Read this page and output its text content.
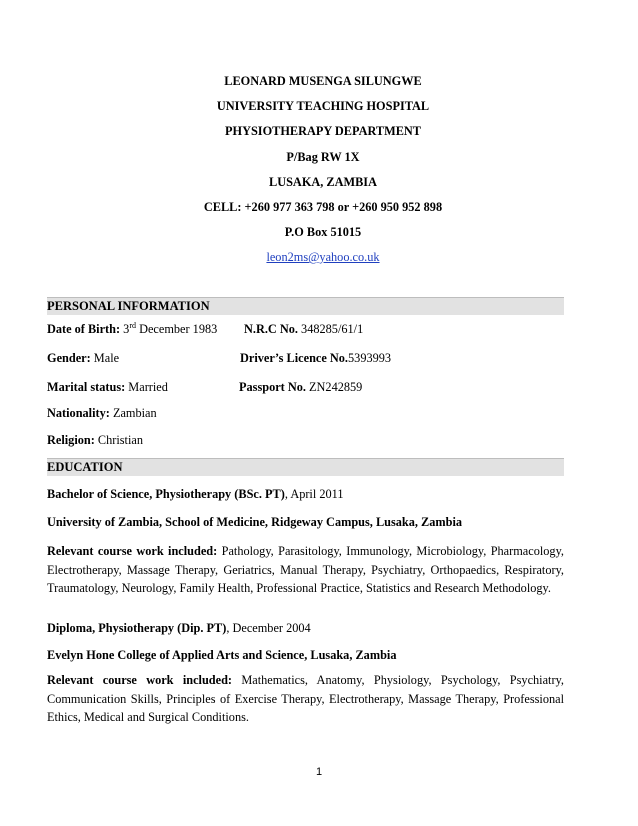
LEONARD MUSENGA SILUNGWE
UNIVERSITY TEACHING HOSPITAL
PHYSIOTHERAPY DEPARTMENT
P/Bag RW 1X
LUSAKA, ZAMBIA
CELL: +260 977 363 798 or +260 950 952 898
P.O Box 51015
leon2ms@yahoo.co.uk
PERSONAL INFORMATION
Date of Birth: 3rd December 1983 N.R.C No. 348285/61/1
Gender: Male	Driver’s Licence No.5393993
Marital status: Married	Passport No. ZN242859
Nationality: Zambian
Religion: Christian
EDUCATION
Bachelor of Science, Physiotherapy (BSc. PT), April 2011
University of Zambia, School of Medicine, Ridgeway Campus, Lusaka, Zambia
Relevant course work included: Pathology, Parasitology, Immunology, Microbiology, Pharmacology, Electrotherapy, Massage Therapy, Geriatrics, Manual Therapy, Psychiatry, Orthopaedics, Respiratory, Traumatology, Neurology, Family Health, Professional Practice, Statistics and Research Methodology.
Diploma, Physiotherapy (Dip. PT), December 2004
Evelyn Hone College of Applied Arts and Science, Lusaka, Zambia
Relevant course work included: Mathematics, Anatomy, Physiology, Psychology, Psychiatry, Communication Skills, Principles of Exercise Therapy, Electrotherapy, Massage Therapy, Professional Ethics, Medical and Surgical Conditions.
1
